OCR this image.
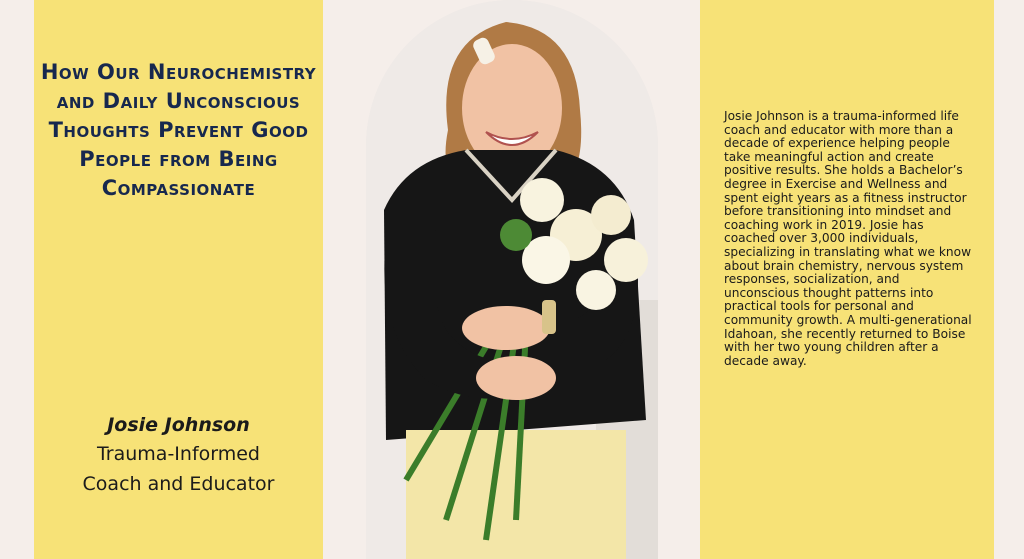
How Our Neurochemistry and Daily Unconscious Thoughts Prevent Good People from Being Compassionate
Josie Johnson
Trauma-Informed
Coach and Educator

Josie Johnson is a trauma-informed life coach and educator with more than a decade of experience helping people take meaningful action and create positive results. She holds a Bachelor’s degree in Exercise and Wellness and spent eight years as a fitness instructor before transitioning into mindset and coaching work in 2019. Josie has coached over 3,000 individuals, specializing in translating what we know about brain chemistry, nervous system responses, socialization, and unconscious thought patterns into practical tools for personal and community growth. A multi-generational Idahoan, she recently returned to Boise with her two young children after a decade away.
